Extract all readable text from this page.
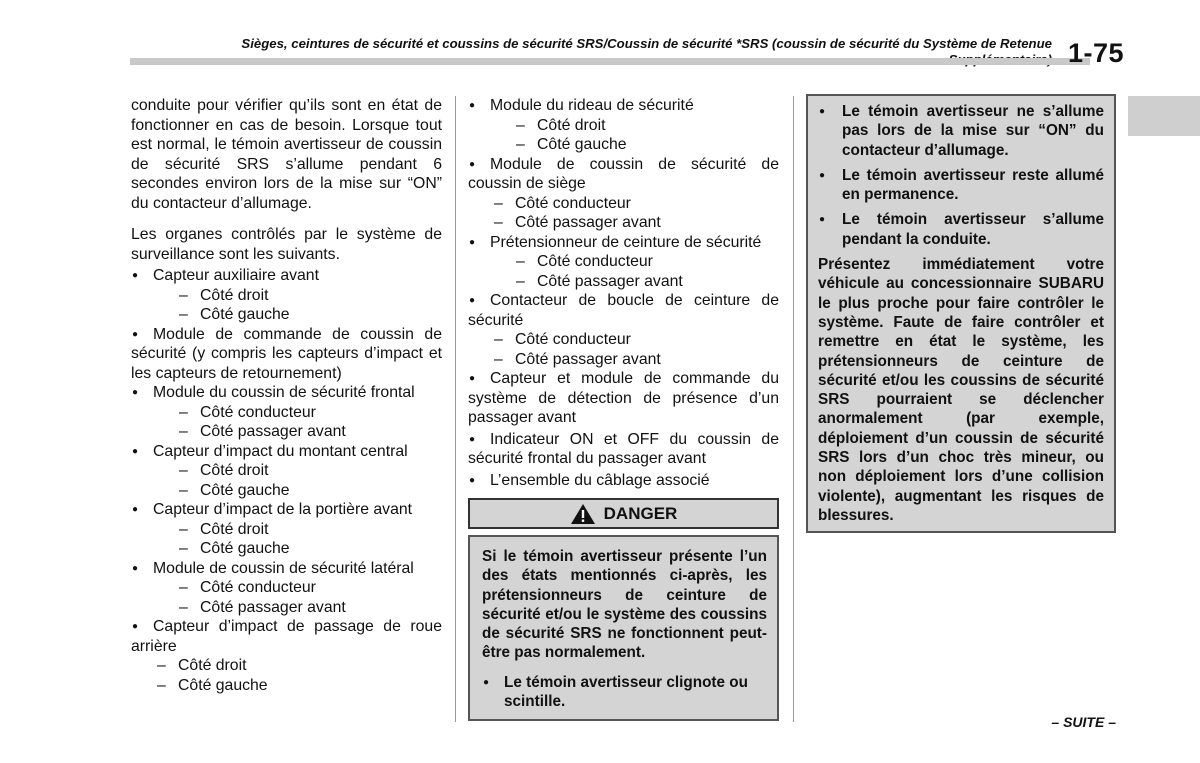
Sièges, ceintures de sécurité et coussins de sécurité SRS/Coussin de sécurité *SRS (coussin de sécurité du Système de Retenue 1-75

conduite pour vérifier qu’ils sont en état de fonctionner en cas de besoin. Lorsque tout est normal, le témoin avertisseur de coussin de sécurité SRS s’allume pendant 6 secondes environ lors de la mise sur “ON” du contacteur d’allumage.

Les organes contrôlés par le système de surveillance sont les suivants.

● Capteur auxiliaire avant
– Côté droit
– Côté gauche
● Module de commande de coussin de sécurité (y compris les capteurs d’impact et les capteurs de retournement)
● Module du coussin de sécurité frontal
– Côté conducteur
– Côté passager avant
● Capteur d’impact du montant central
– Côté droit
– Côté gauche
● Capteur d’impact de la portière avant
– Côté droit
– Côté gauche
● Module de coussin de sécurité latéral
– Côté conducteur
– Côté passager avant
● Capteur d’impact de passage de roue arrière
– Côté droit
– Côté gauche
● Module du rideau de sécurité
– Côté droit
– Côté gauche
● Module de coussin de sécurité de coussin de siège
– Côté conducteur
– Côté passager avant
● Prétensionneur de ceinture de sécurité
– Côté conducteur
– Côté passager avant
● Contacteur de boucle de ceinture de sécurité
– Côté conducteur
– Côté passager avant
● Capteur et module de commande du système de détection de présence d’un passager avant
● Indicateur ON et OFF du coussin de sécurité frontal du passager avant
● L’ensemble du câblage associé
DANGER

Si le témoin avertisseur présente l’un des états mentionnés ci-après, les prétensionneurs de ceinture de sécurité et/ou le système des coussins de sécurité SRS ne fonctionnent peut-être pas normalement.

● Le témoin avertisseur clignote ou scintille.
● Le témoin avertisseur ne s’allume pas lors de la mise sur “ON” du contacteur d’allumage.
● Le témoin avertisseur reste allumé en permanence.
● Le témoin avertisseur s’allume pendant la conduite.

Présentez immédiatement votre véhicule au concessionnaire SUBARU le plus proche pour faire contrôler le système. Faute de faire contrôler et remettre en état le système, les prétensionneurs de ceinture de sécurité et/ou les coussins de sécurité SRS pourraient se déclencher anormalement (par exemple, déploiement d’un coussin de sécurité SRS lors d’un choc très mineur, ou non déploiement lors d’une collision violente), augmentant les risques de blessures.

– SUITE –
